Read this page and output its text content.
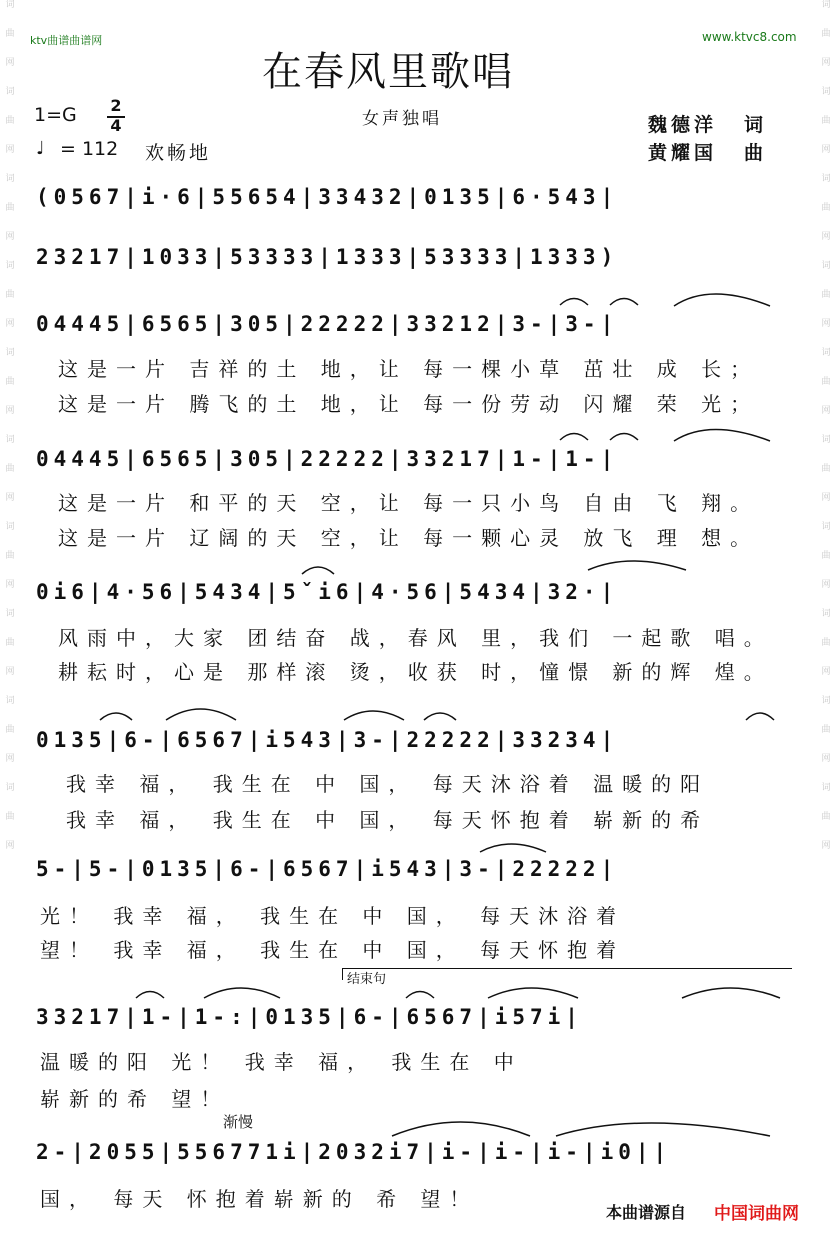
词
曲
网
词
曲
网
词
曲
网
词
曲
网
词
曲
网
词
曲
网
词
曲
网
词
曲
网
词
曲
网
词
曲
网
词
曲
网
词
曲
网
词
曲
网
词
曲
网
词
曲
网
词
曲
网
词
曲
网
词
曲
网
词
曲
网
词
曲
网
ktv曲谱曲谱网	www.ktvc8.com
在春风里歌唱
$1=G \frac{2}{4}$
♩ = 112 欢畅地
女声独唱	魏德洋 词
黄耀国 曲
(0567|i·6|55654|33432|0135|6·543|
23217|1033|53333|1333|53333|1333)
04445|6565|305|22222|33212|3-|3-|
这是一片 吉祥的土 地，让 每一棵小草 茁壮 成 长；
这是一片 腾飞的土 地，让 每一份劳动 闪耀 荣 光；
04445|6565|305|22222|33217|1-|1-|
这是一片 和平的天 空，让 每一只小鸟 自由 飞 翔。
这是一片 辽阔的天 空，让 每一颗心灵 放飞 理 想。
0i6|4·56|5434|5ˇi6|4·56|5434|32·|
风雨中，大家 团结奋 战，春风 里，我们 一起歌 唱。
耕耘时，心是 那样滚 烫，收获 时，憧憬 新的辉 煌。
0135|6-|6567|i543|3-|22222|33234|
我幸 福， 我生在 中 国， 每天沐浴着 温暖的阳
我幸 福， 我生在 中 国， 每天怀抱着 崭新的希
5-|5-|0135|6-|6567|i543|3-|22222|
光！ 我幸 福， 我生在 中 国， 每天沐浴着
望！ 我幸 福， 我生在 中 国， 每天怀抱着
结束句
33217|1-|1-:|0135|6-|6567|i57i|
温暖的阳 光！ 我幸 福， 我生在 中
崭新的希 望！
渐慢
2-|2055|556771i|2032i7|i-|i-|i-|i0||
国， 每天 怀抱着崭新的 希 望！
本曲谱源自 中国词曲网
